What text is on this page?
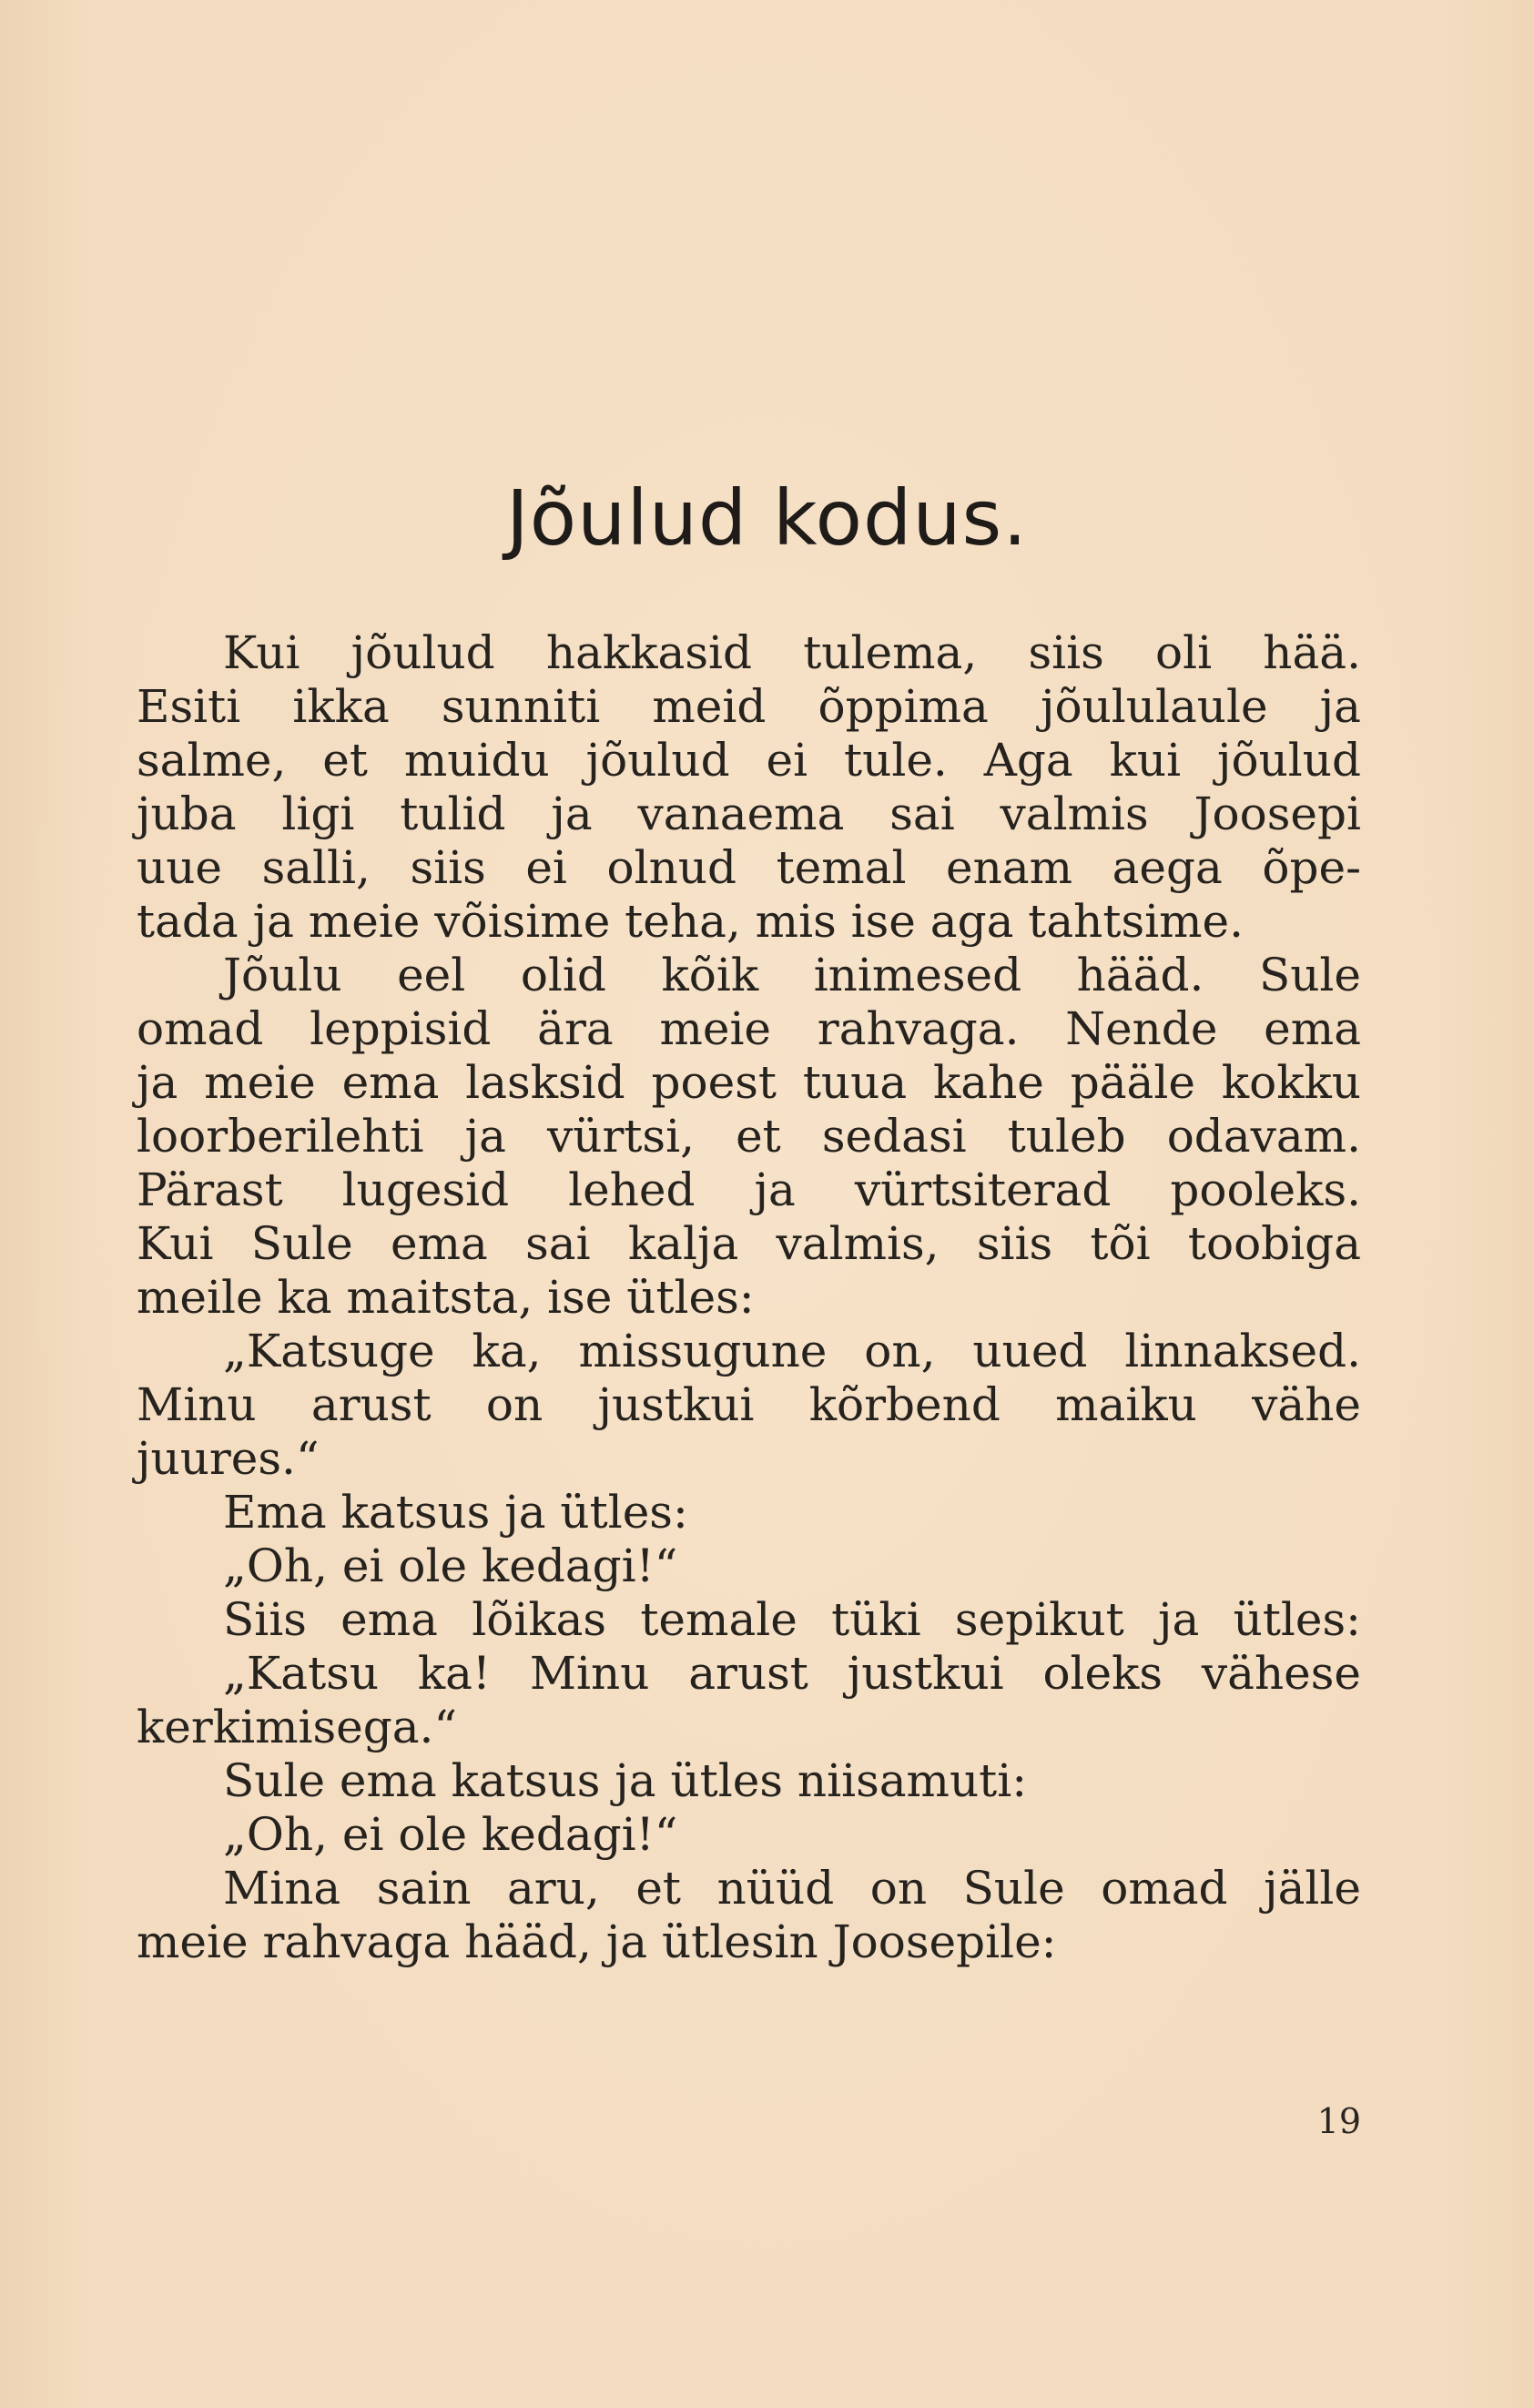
Jõulud kodus.
Kui jõulud hakkasid tulema, siis oli hää.
Esiti ikka sunniti meid õppima jõululaule ja
salme, et muidu jõulud ei tule. Aga kui jõulud
juba ligi tulid ja vanaema sai valmis Joosepi
uue salli, siis ei olnud temal enam aega õpe-
tada ja meie võisime teha, mis ise aga tahtsime.
Jõulu eel olid kõik inimesed hääd. Sule
omad leppisid ära meie rahvaga. Nende ema
ja meie ema lasksid poest tuua kahe pääle kokku
loorberilehti ja vürtsi, et sedasi tuleb odavam.
Pärast lugesid lehed ja vürtsiterad pooleks.
Kui Sule ema sai kalja valmis, siis tõi toobiga
meile ka maitsta, ise ütles:
„Katsuge ka, missugune on, uued linnaksed.
Minu arust on justkui kõrbend maiku vähe
juures.“
Ema katsus ja ütles:
„Oh, ei ole kedagi!“
Siis ema lõikas temale tüki sepikut ja ütles:
„Katsu ka! Minu arust justkui oleks vähese
kerkimisega.“
Sule ema katsus ja ütles niisamuti:
„Oh, ei ole kedagi!“
Mina sain aru, et nüüd on Sule omad jälle
meie rahvaga hääd, ja ütlesin Joosepile:
19
